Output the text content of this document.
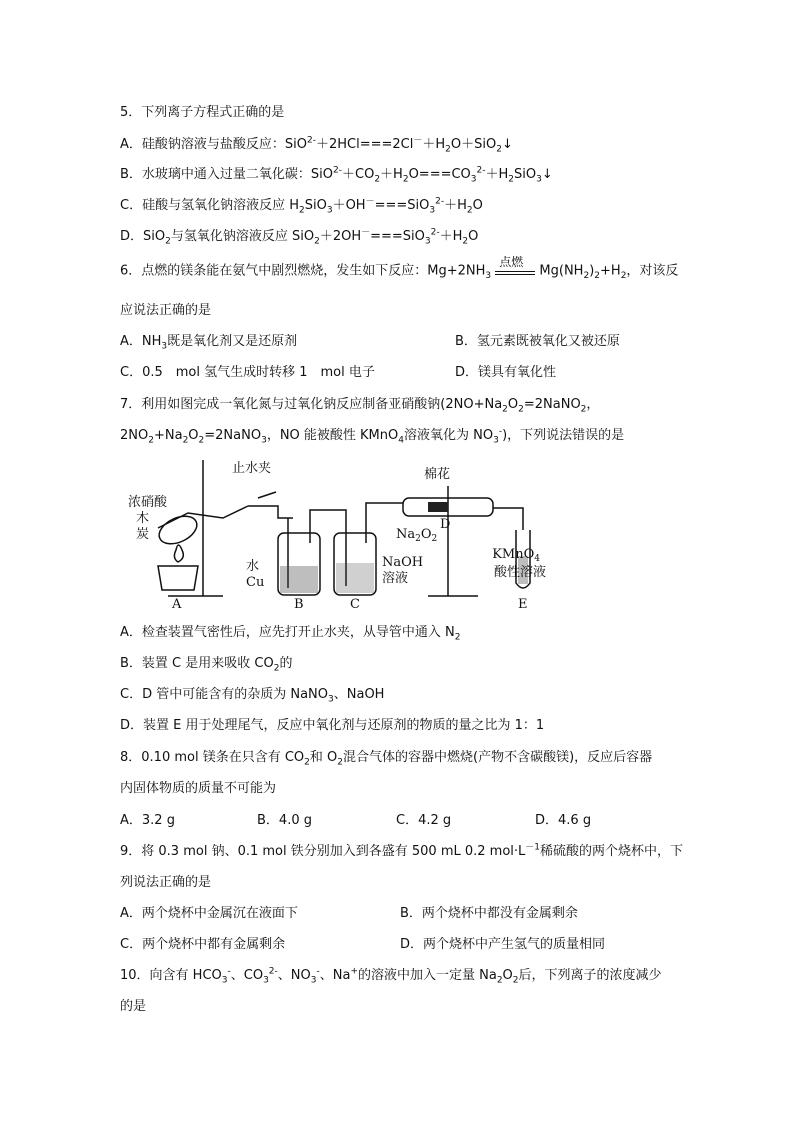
5．下列离子方程式正确的是
A．硅酸钠溶液与盐酸反应：$SiO^{2-}+2HCl===2Cl^-+H_2O+SiO_2↓$
B．水玻璃中通入过量二氧化碳：$SiO^{2-}+CO_2+H_2O===CO_3^{2-}+H_2SiO_3↓$
C．硅酸与氢氧化钠溶液反应 $H_2SiO_3+OH^-===SiO_3^{2-}+H_2O$
D．SiO$_2$与氢氧化钠溶液反应 $SiO_2+2OH^-===SiO_3^{2-}+H_2O$
6．点燃的镁条能在氨气中剧烈燃烧，发生如下反应：$Mg+2NH_3$
点燃
$Mg(NH_2)_2+H_2$，对该反
应说法正确的是
A．$NH_3$既是氧化剂又是还原剂	B．氢元素既被氧化又被还原
C．0.5　mol 氢气生成时转移 1　mol 电子	D．镁具有氧化性
7．利用如图完成一氧化氮与过氧化钠反应制备亚硝酸钠($2NO+Na_2O_2=2NaNO_2$，
$2NO_2+Na_2O_2=2NaNO_3$，NO 能被酸性 KMnO$_4$溶液氧化为 $NO_3^-$)，下列说法错误的是
止水夹
浓硝酸
木
炭
棉花
$Na_2O_2$
D
水
Cu
NaOH
溶液
KMnO$_4$
酸性溶液
A	B	C	E
A．检查装置气密性后，应先打开止水夹，从导管中通入 $N_2$
B．装置 C 是用来吸收 $CO_2$的
C．D 管中可能含有的杂质为 NaNO$_3$、NaOH
D．装置 E 用于处理尾气，反应中氧化剂与还原剂的物质的量之比为 1：1
8．0.10 mol 镁条在只含有 $CO_2$和 $O_2$混合气体的容器中燃烧(产物不含碳酸镁)，反应后容器
内固体物质的质量不可能为
A．3.2 g	B．4.0 g	C．4.2 g	D．4.6 g
9．将 0.3 mol 钠、0.1 mol 铁分别加入到各盛有 500 mL 0.2 $mol\cdot L^{-1}$稀硫酸的两个烧杯中，下
列说法正确的是
A．两个烧杯中金属沉在液面下	B．两个烧杯中都没有金属剩余
C．两个烧杯中都有金属剩余	D．两个烧杯中产生氢气的质量相同
10．向含有 $HCO_3^-$、$CO_3^{2-}$、$NO_3^-$、Na+的溶液中加入一定量 $Na_2O_2$后，下列离子的浓度减少
的是
